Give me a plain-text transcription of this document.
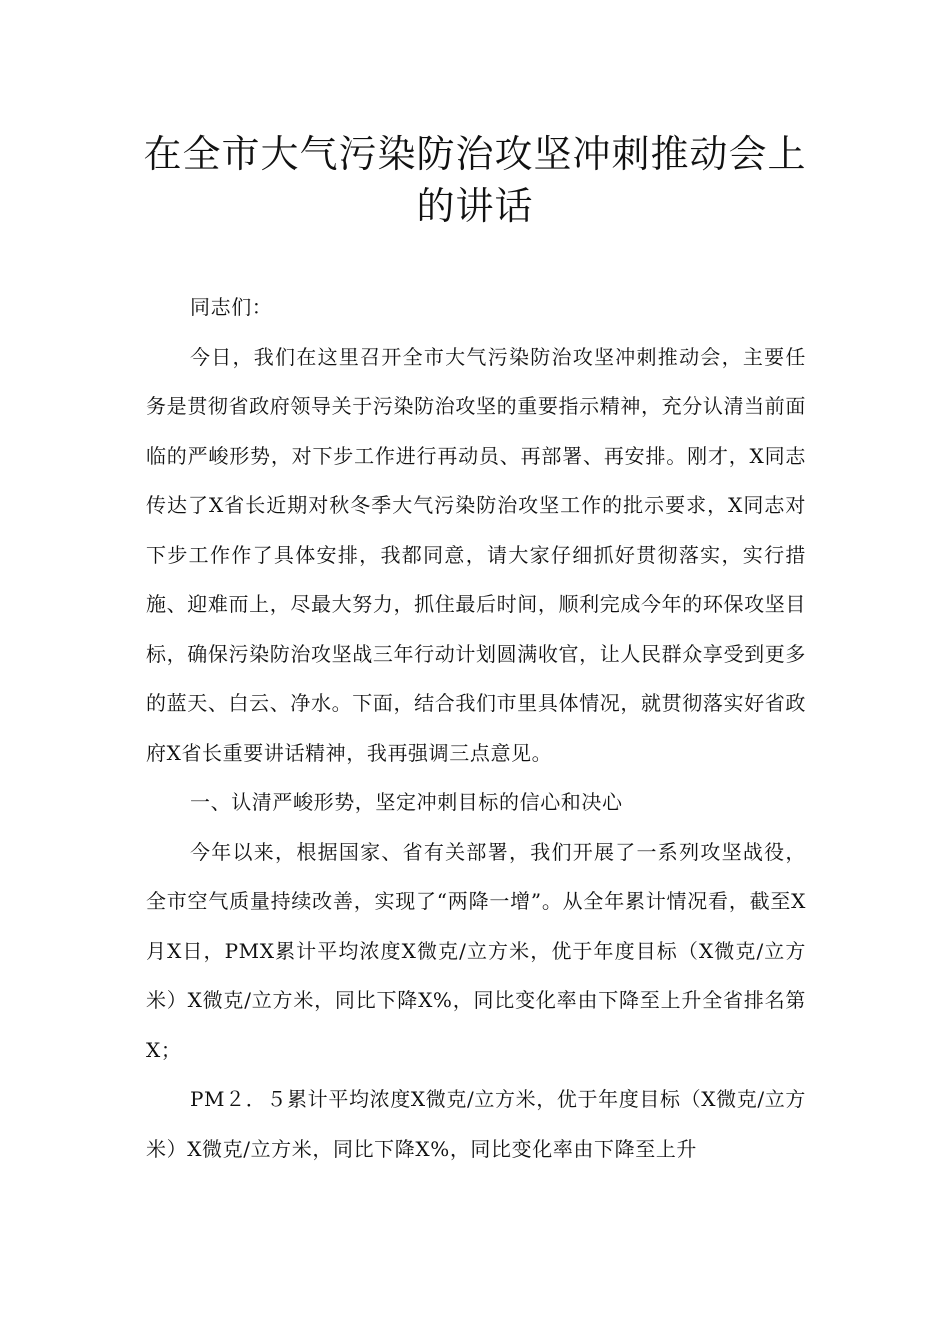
在全市大气污染防治攻坚冲刺推动会上的讲话

同志们：

今日，我们在这里召开全市大气污染防治攻坚冲刺推动会，主要任务是贯彻省政府领导关于污染防治攻坚的重要指示精神，充分认清当前面临的严峻形势，对下步工作进行再动员、再部署、再安排。刚才，X同志传达了X省长近期对秋冬季大气污染防治攻坚工作的批示要求，X同志对下步工作作了具体安排，我都同意，请大家仔细抓好贯彻落实，实行措施、迎难而上，尽最大努力，抓住最后时间，顺利完成今年的环保攻坚目标，确保污染防治攻坚战三年行动计划圆满收官，让人民群众享受到更多的蓝天、白云、净水。下面，结合我们市里具体情况，就贯彻落实好省政府X省长重要讲话精神，我再强调三点意见。

一、认清严峻形势，坚定冲刺目标的信心和决心

今年以来，根据国家、省有关部署，我们开展了一系列攻坚战役，全市空气质量持续改善，实现了“两降一增”。从全年累计情况看，截至X月X日，PMX累计平均浓度X微克/立方米，优于年度目标（X微克/立方米）X微克/立方米，同比下降X%，同比变化率由下降至上升全省排名第X；

PM２．５累计平均浓度X微克/立方米，优于年度目标（X微克/立方米）X微克/立方米，同比下降X%，同比变化率由下降至上升
